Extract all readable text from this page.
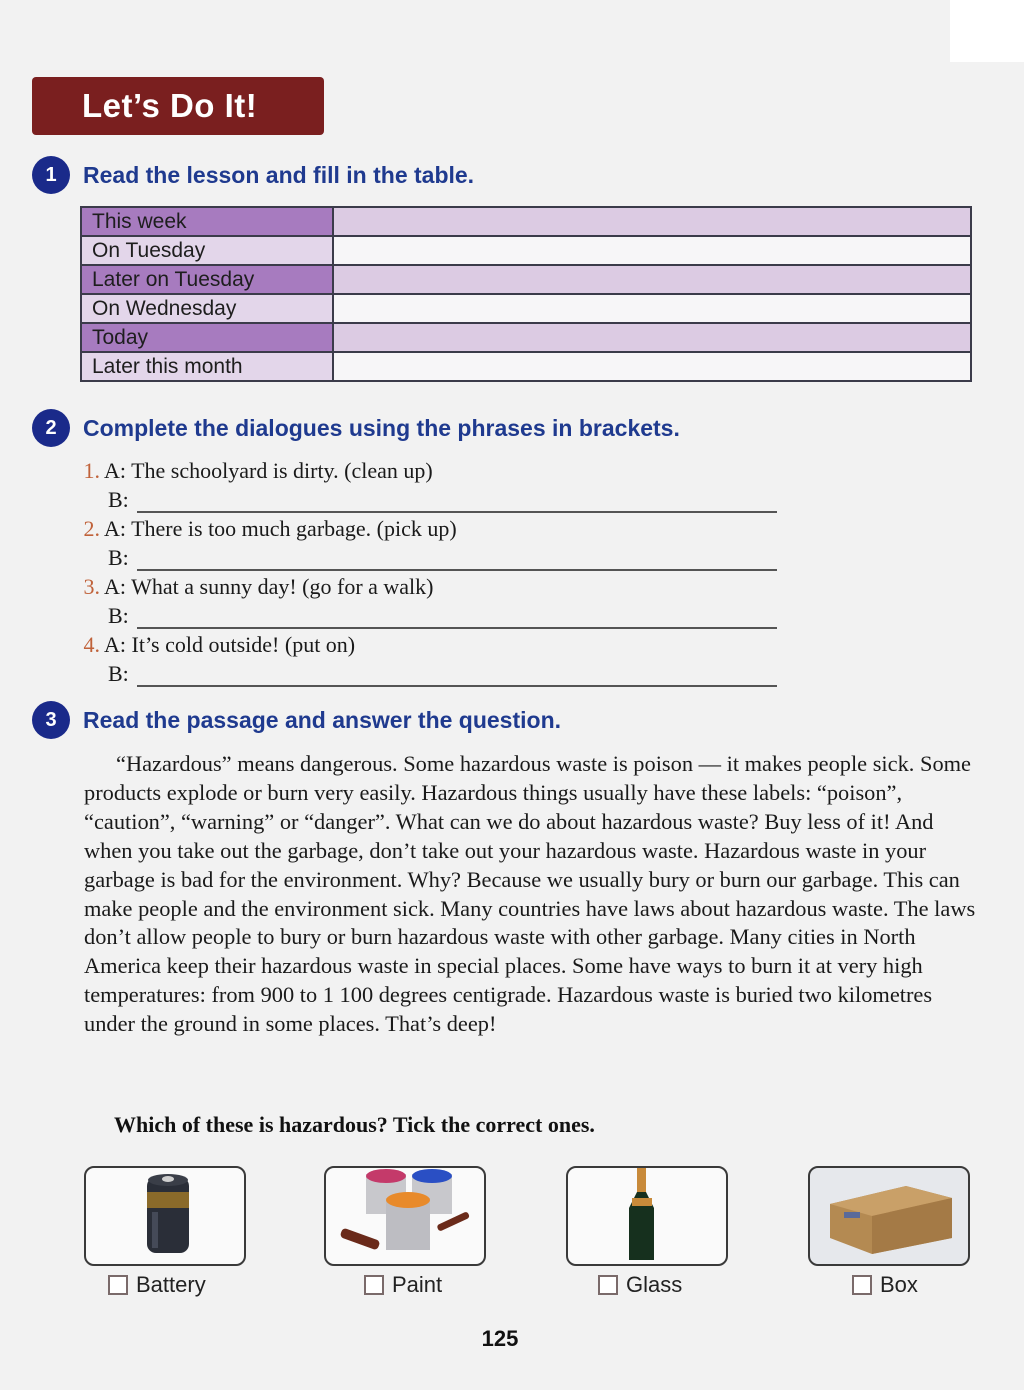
Let’s Do It!
1	Read the lesson and fill in the table.
This week	
On Tuesday	
Later on Tuesday	
On Wednesday	
Today	
Later this month	
2	Complete the dialogues using the phrases in brackets.
1. A: The schoolyard is dirty. (clean up)
B:
2. A: There is too much garbage. (pick up)
B:
3. A: What a sunny day! (go for a walk)
B:
4. A: It’s cold outside! (put on)
B:
3	Read the passage and answer the question.

“Hazardous” means dangerous. Some hazardous waste is poison — it makes people sick. Some products explode or burn very easily. Hazardous things usually have these labels: “poison”, “caution”, “warning” or “danger”. What can we do about hazardous waste? Buy less of it! And when you take out the garbage, don’t take out your hazardous waste. Hazardous waste in your garbage is bad for the environment. Why? Because we usually bury or burn our garbage. This can make people and the environment sick. Many countries have laws about hazardous waste. The laws don’t allow people to bury or burn hazardous waste with other garbage. Many cities in North America keep their hazardous waste in special places. Some have ways to burn it at very high temperatures: from 900 to 1 100 degrees centigrade. Hazardous waste is buried two kilometres under the ground in some places. That’s deep!

Which of these is hazardous? Tick the correct ones.
Battery	Paint	Glass	Box
125
